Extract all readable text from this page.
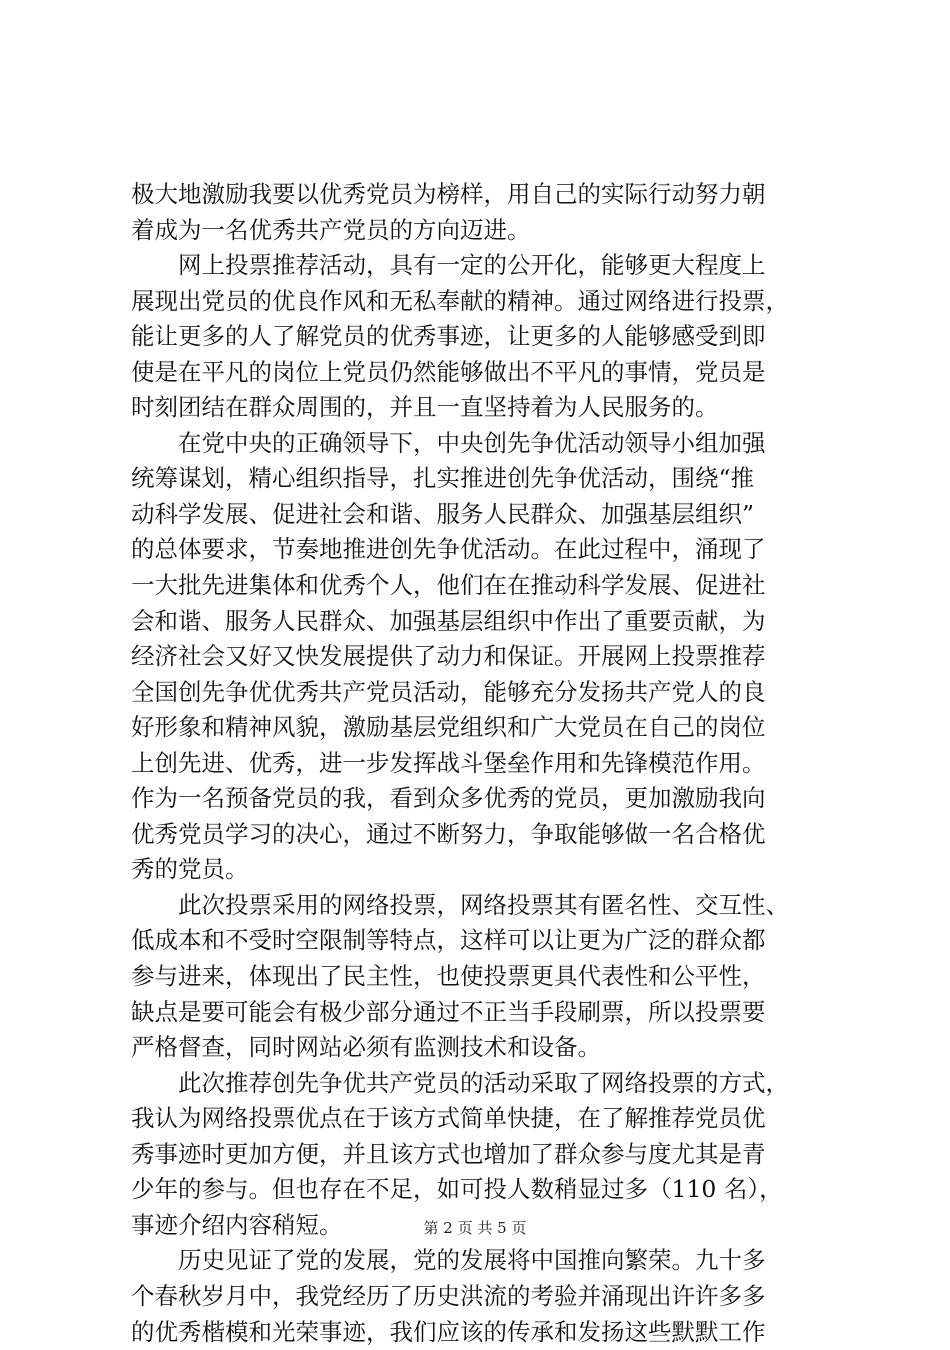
极大地激励我要以优秀党员为榜样，用自己的实际行动努力朝
着成为一名优秀共产党员的方向迈进。
　　网上投票推荐活动，具有一定的公开化，能够更大程度上
展现出党员的优良作风和无私奉献的精神。通过网络进行投票，
能让更多的人了解党员的优秀事迹，让更多的人能够感受到即
使是在平凡的岗位上党员仍然能够做出不平凡的事情，党员是
时刻团结在群众周围的，并且一直坚持着为人民服务的。
　　在党中央的正确领导下，中央创先争优活动领导小组加强
统筹谋划，精心组织指导，扎实推进创先争优活动，围绕“推
动科学发展、促进社会和谐、服务人民群众、加强基层组织”
的总体要求，节奏地推进创先争优活动。在此过程中，涌现了
一大批先进集体和优秀个人，他们在在推动科学发展、促进社
会和谐、服务人民群众、加强基层组织中作出了重要贡献，为
经济社会又好又快发展提供了动力和保证。开展网上投票推荐
全国创先争优优秀共产党员活动，能够充分发扬共产党人的良
好形象和精神风貌，激励基层党组织和广大党员在自己的岗位
上创先进、优秀，进一步发挥战斗堡垒作用和先锋模范作用。
作为一名预备党员的我，看到众多优秀的党员，更加激励我向
优秀党员学习的决心，通过不断努力，争取能够做一名合格优
秀的党员。
　　此次投票采用的网络投票，网络投票其有匿名性、交互性、
低成本和不受时空限制等特点，这样可以让更为广泛的群众都
参与进来，体现出了民主性，也使投票更具代表性和公平性，
缺点是要可能会有极少部分通过不正当手段刷票，所以投票要
严格督查，同时网站必须有监测技术和设备。
　　此次推荐创先争优共产党员的活动采取了网络投票的方式，
我认为网络投票优点在于该方式简单快捷，在了解推荐党员优
秀事迹时更加方便，并且该方式也增加了群众参与度尤其是青
少年的参与。但也存在不足，如可投人数稍显过多（110 名），
事迹介绍内容稍短。
　　历史见证了党的发展，党的发展将中国推向繁荣。九十多
个春秋岁月中，我党经历了历史洪流的考验并涌现出许许多多
的优秀楷模和光荣事迹，我们应该的传承和发扬这些默默工作
第 2 页 共 5 页
